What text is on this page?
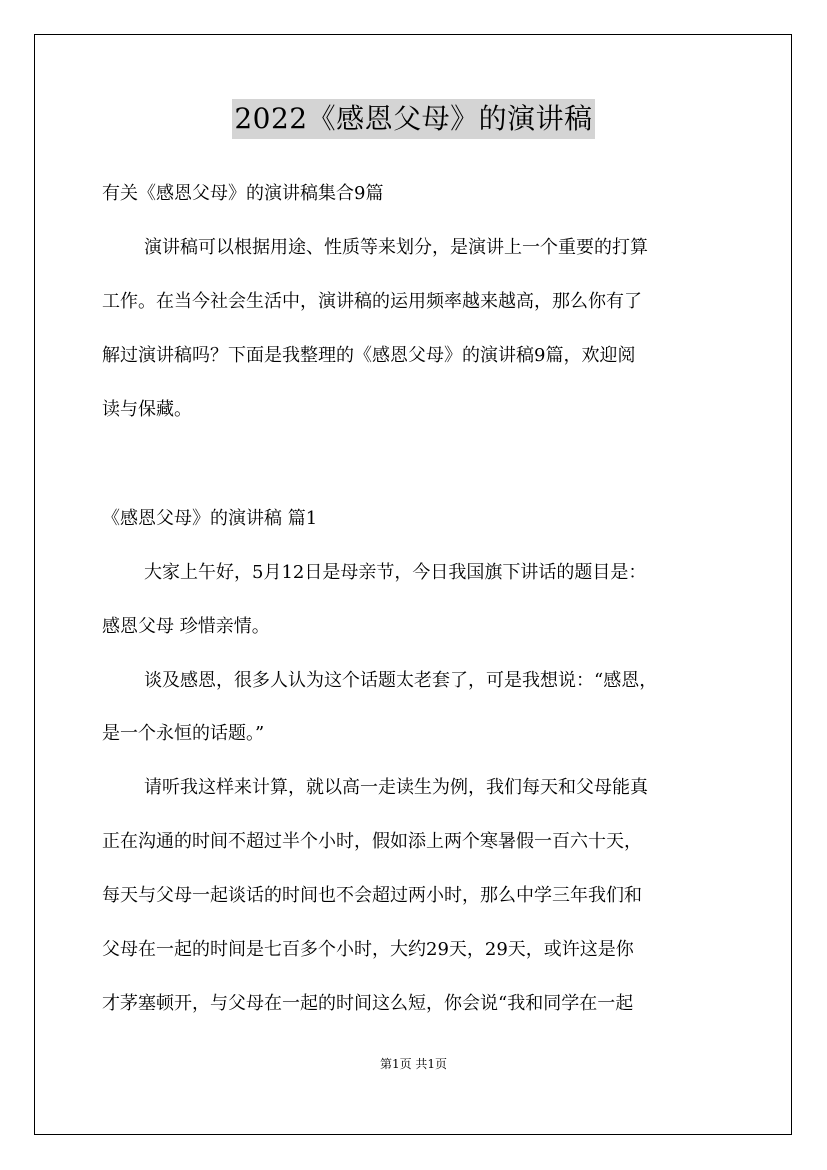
2022《感恩父母》的演讲稿
有关《感恩父母》的演讲稿集合9篇
演讲稿可以根据用途、性质等来划分，是演讲上一个重要的打算
工作。在当今社会生活中，演讲稿的运用频率越来越高，那么你有了
解过演讲稿吗？下面是我整理的《感恩父母》的演讲稿9篇，欢迎阅
读与保藏。
《感恩父母》的演讲稿 篇1
大家上午好，5月12日是母亲节，今日我国旗下讲话的题目是：
感恩父母 珍惜亲情。
谈及感恩，很多人认为这个话题太老套了，可是我想说：“感恩，
是一个永恒的话题。”
请听我这样来计算，就以高一走读生为例，我们每天和父母能真
正在沟通的时间不超过半个小时，假如添上两个寒暑假一百六十天，
每天与父母一起谈话的时间也不会超过两小时，那么中学三年我们和
父母在一起的时间是七百多个小时，大约29天，29天，或许这是你
才茅塞顿开，与父母在一起的时间这么短，你会说“我和同学在一起
第1页 共1页
